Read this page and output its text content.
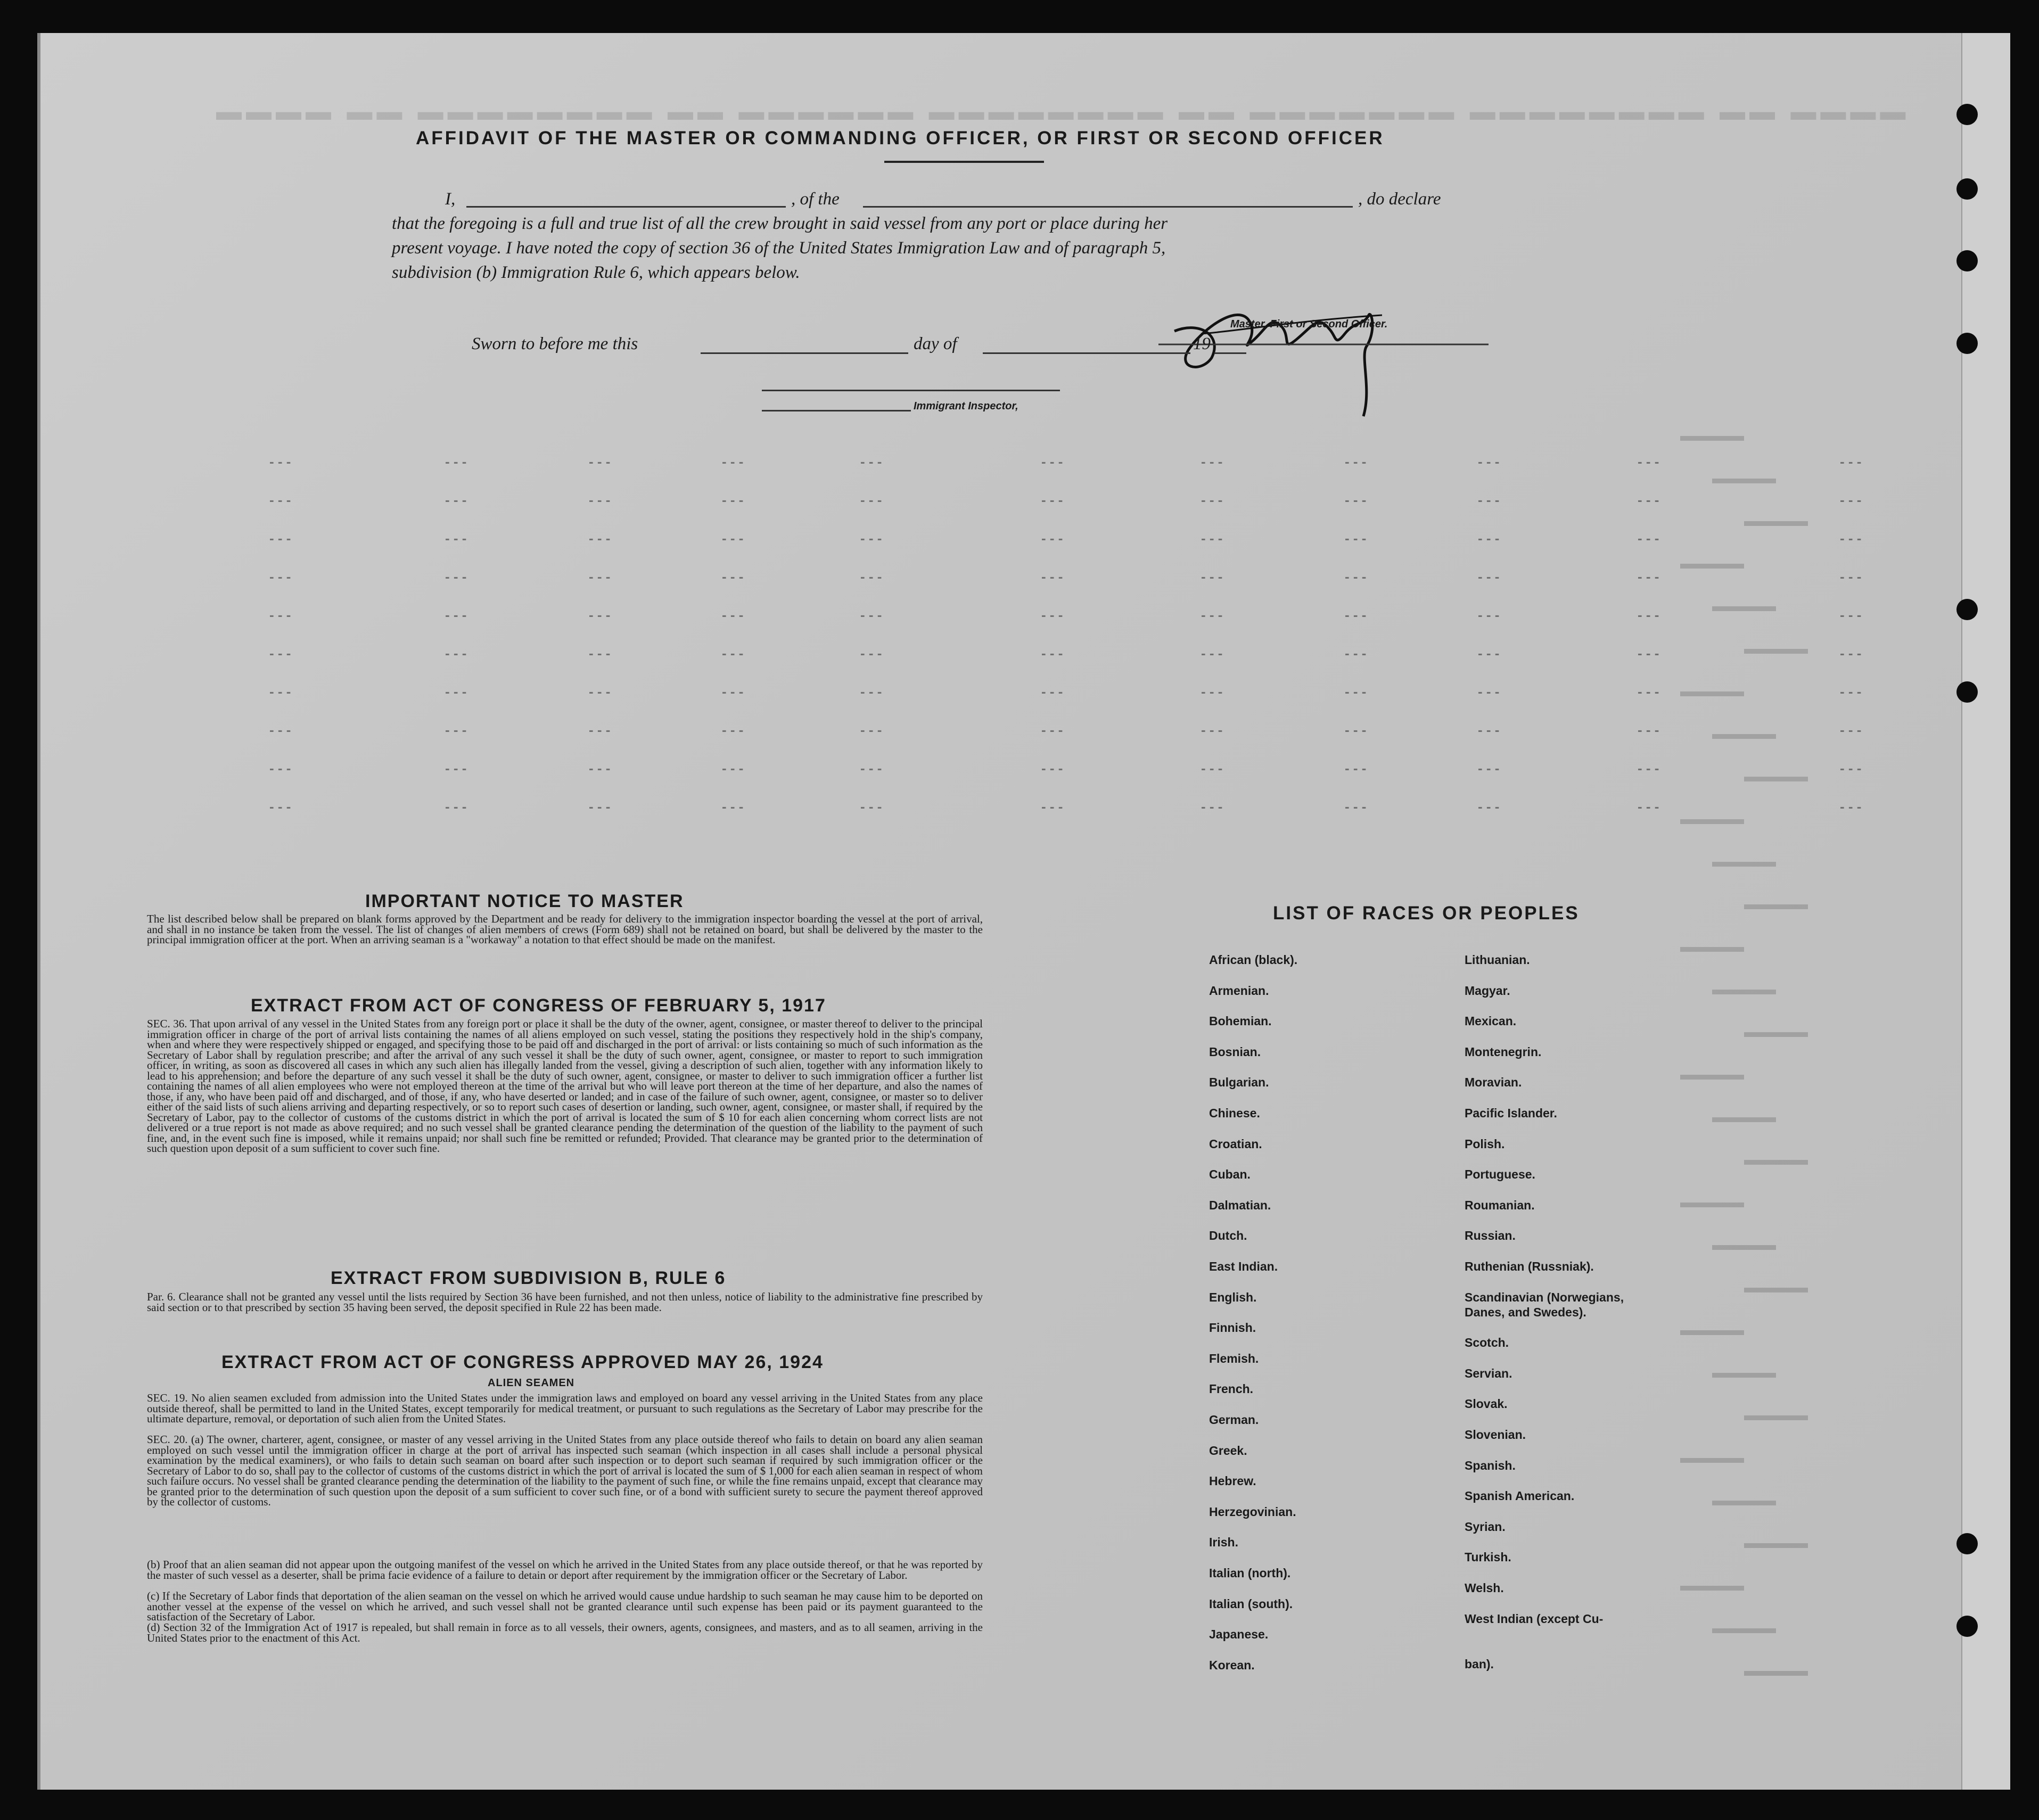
▬▬▬▬ ▬▬ ▬▬▬▬▬▬▬▬ ▬▬ ▬▬▬▬▬▬ ▬▬▬▬▬▬▬▬ ▬▬ ▬▬▬▬▬▬▬ ▬▬▬▬▬▬▬▬ ▬▬ ▬▬▬▬
- - -	- - -	- - -	- - -	- - -	- - -	- - -	- - -	- - -	- - -	- - -
- - -	- - -	- - -	- - -	- - -	- - -	- - -	- - -	- - -	- - -	- - -
- - -	- - -	- - -	- - -	- - -	- - -	- - -	- - -	- - -	- - -	- - -
- - -	- - -	- - -	- - -	- - -	- - -	- - -	- - -	- - -	- - -	- - -
- - -	- - -	- - -	- - -	- - -	- - -	- - -	- - -	- - -	- - -	- - -
- - -	- - -	- - -	- - -	- - -	- - -	- - -	- - -	- - -	- - -	- - -
- - -	- - -	- - -	- - -	- - -	- - -	- - -	- - -	- - -	- - -	- - -
- - -	- - -	- - -	- - -	- - -	- - -	- - -	- - -	- - -	- - -	- - -
- - -	- - -	- - -	- - -	- - -	- - -	- - -	- - -	- - -	- - -	- - -
- - -	- - -	- - -	- - -	- - -	- - -	- - -	- - -	- - -	- - -	- - -
▬▬▬▬
▬▬▬▬
▬▬▬▬
▬▬▬▬
▬▬▬▬
▬▬▬▬
▬▬▬▬
▬▬▬▬
▬▬▬▬
▬▬▬▬
▬▬▬▬
▬▬▬▬
▬▬▬▬
▬▬▬▬
▬▬▬▬
▬▬▬▬
▬▬▬▬
▬▬▬▬
▬▬▬▬
▬▬▬▬
▬▬▬▬
▬▬▬▬
▬▬▬▬
▬▬▬▬
▬▬▬▬
▬▬▬▬
▬▬▬▬
▬▬▬▬
▬▬▬▬
▬▬▬▬
AFFIDAVIT OF THE MASTER OR COMMANDING OFFICER, OR FIRST OR SECOND OFFICER
I,	, of the	, do declare
that the foregoing is a full and true list of all the crew brought in said vessel from any port or place during her
present voyage. I have noted the copy of section 36 of the United States Immigration Law and of paragraph 5,
subdivision (b) Immigration Rule 6, which appears below.
Master, First or Second Officer.
Sworn to before me this	day of	19
Immigrant Inspector,
IMPORTANT NOTICE TO MASTER
The list described below shall be prepared on blank forms approved by the Department and be ready for delivery to the immigration inspector boarding the vessel at the port of arrival, and shall in no instance be taken from the vessel. The list of changes of alien members of crews (Form 689) shall not be retained on board, but shall be delivered by the master to the principal immigration officer at the port. When an arriving seaman is a "workaway" a notation to that effect should be made on the manifest.
EXTRACT FROM ACT OF CONGRESS OF FEBRUARY 5, 1917
SEC. 36. That upon arrival of any vessel in the United States from any foreign port or place it shall be the duty of the owner, agent, consignee, or master thereof to deliver to the principal immigration officer in charge of the port of arrival lists containing the names of all aliens employed on such vessel, stating the positions they respectively hold in the ship's company, when and where they were respectively shipped or engaged, and specifying those to be paid off and discharged in the port of arrival: or lists containing so much of such information as the Secretary of Labor shall by regulation prescribe; and after the arrival of any such vessel it shall be the duty of such owner, agent, consignee, or master to report to such immigration officer, in writing, as soon as discovered all cases in which any such alien has illegally landed from the vessel, giving a description of such alien, together with any information likely to lead to his apprehension; and before the departure of any such vessel it shall be the duty of such owner, agent, consignee, or master to deliver to such immigration officer a further list containing the names of all alien employees who were not employed thereon at the time of the arrival but who will leave port thereon at the time of her departure, and also the names of those, if any, who have been paid off and discharged, and of those, if any, who have deserted or landed; and in case of the failure of such owner, agent, consignee, or master so to deliver either of the said lists of such aliens arriving and departing respectively, or so to report such cases of desertion or landing, such owner, agent, consignee, or master shall, if required by the Secretary of Labor, pay to the collector of customs of the customs district in which the port of arrival is located the sum of $ 10 for each alien concerning whom correct lists are not delivered or a true report is not made as above required; and no such vessel shall be granted clearance pending the determination of the question of the liability to the payment of such fine, and, in the event such fine is imposed, while it remains unpaid; nor shall such fine be remitted or refunded; Provided. That clearance may be granted prior to the determination of such question upon deposit of a sum sufficient to cover such fine.
EXTRACT FROM SUBDIVISION B, RULE 6
Par. 6. Clearance shall not be granted any vessel until the lists required by Section 36 have been furnished, and not then unless, notice of liability to the administrative fine prescribed by said section or to that prescribed by section 35 having been served, the deposit specified in Rule 22 has been made.
EXTRACT FROM ACT OF CONGRESS APPROVED MAY 26, 1924
ALIEN SEAMEN
SEC. 19. No alien seamen excluded from admission into the United States under the immigration laws and employed on board any vessel arriving in the United States from any place outside thereof, shall be permitted to land in the United States, except temporarily for medical treatment, or pursuant to such regulations as the Secretary of Labor may prescribe for the ultimate departure, removal, or deportation of such alien from the United States.
SEC. 20. (a) The owner, charterer, agent, consignee, or master of any vessel arriving in the United States from any place outside thereof who fails to detain on board any alien seaman employed on such vessel until the immigration officer in charge at the port of arrival has inspected such seaman (which inspection in all cases shall include a personal physical examination by the medical examiners), or who fails to detain such seaman on board after such inspection or to deport such seaman if required by such immigration officer or the Secretary of Labor to do so, shall pay to the collector of customs of the customs district in which the port of arrival is located the sum of $ 1,000 for each alien seaman in respect of whom such failure occurs. No vessel shall be granted clearance pending the determination of the liability to the payment of such fine, or while the fine remains unpaid, except that clearance may be granted prior to the determination of such question upon the deposit of a sum sufficient to cover such fine, or of a bond with sufficient surety to secure the payment thereof approved by the collector of customs.
(b) Proof that an alien seaman did not appear upon the outgoing manifest of the vessel on which he arrived in the United States from any place outside thereof, or that he was reported by the master of such vessel as a deserter, shall be prima facie evidence of a failure to detain or deport after requirement by the immigration officer or the Secretary of Labor.
(c) If the Secretary of Labor finds that deportation of the alien seaman on the vessel on which he arrived would cause undue hardship to such seaman he may cause him to be deported on another vessel at the expense of the vessel on which he arrived, and such vessel shall not be granted clearance until such expense has been paid or its payment guaranteed to the satisfaction of the Secretary of Labor.
(d) Section 32 of the Immigration Act of 1917 is repealed, but shall remain in force as to all vessels, their owners, agents, consignees, and masters, and as to all seamen, arriving in the United States prior to the enactment of this Act.
LIST OF RACES OR PEOPLES
African (black).
Armenian.
Bohemian.
Bosnian.
Bulgarian.
Chinese.
Croatian.
Cuban.
Dalmatian.
Dutch.
East Indian.
English.
Finnish.
Flemish.
French.
German.
Greek.
Hebrew.
Herzegovinian.
Irish.
Italian (north).
Italian (south).
Japanese.
Korean.
Lithuanian.
Magyar.
Mexican.
Montenegrin.
Moravian.
Pacific Islander.
Polish.
Portuguese.
Roumanian.
Russian.
Ruthenian (Russniak).
Scandinavian (Norwegians,
Danes, and Swedes).
Scotch.
Servian.
Slovak.
Slovenian.
Spanish.
Spanish American.
Syrian.
Turkish.
Welsh.
West Indian (except Cu-
ban).
